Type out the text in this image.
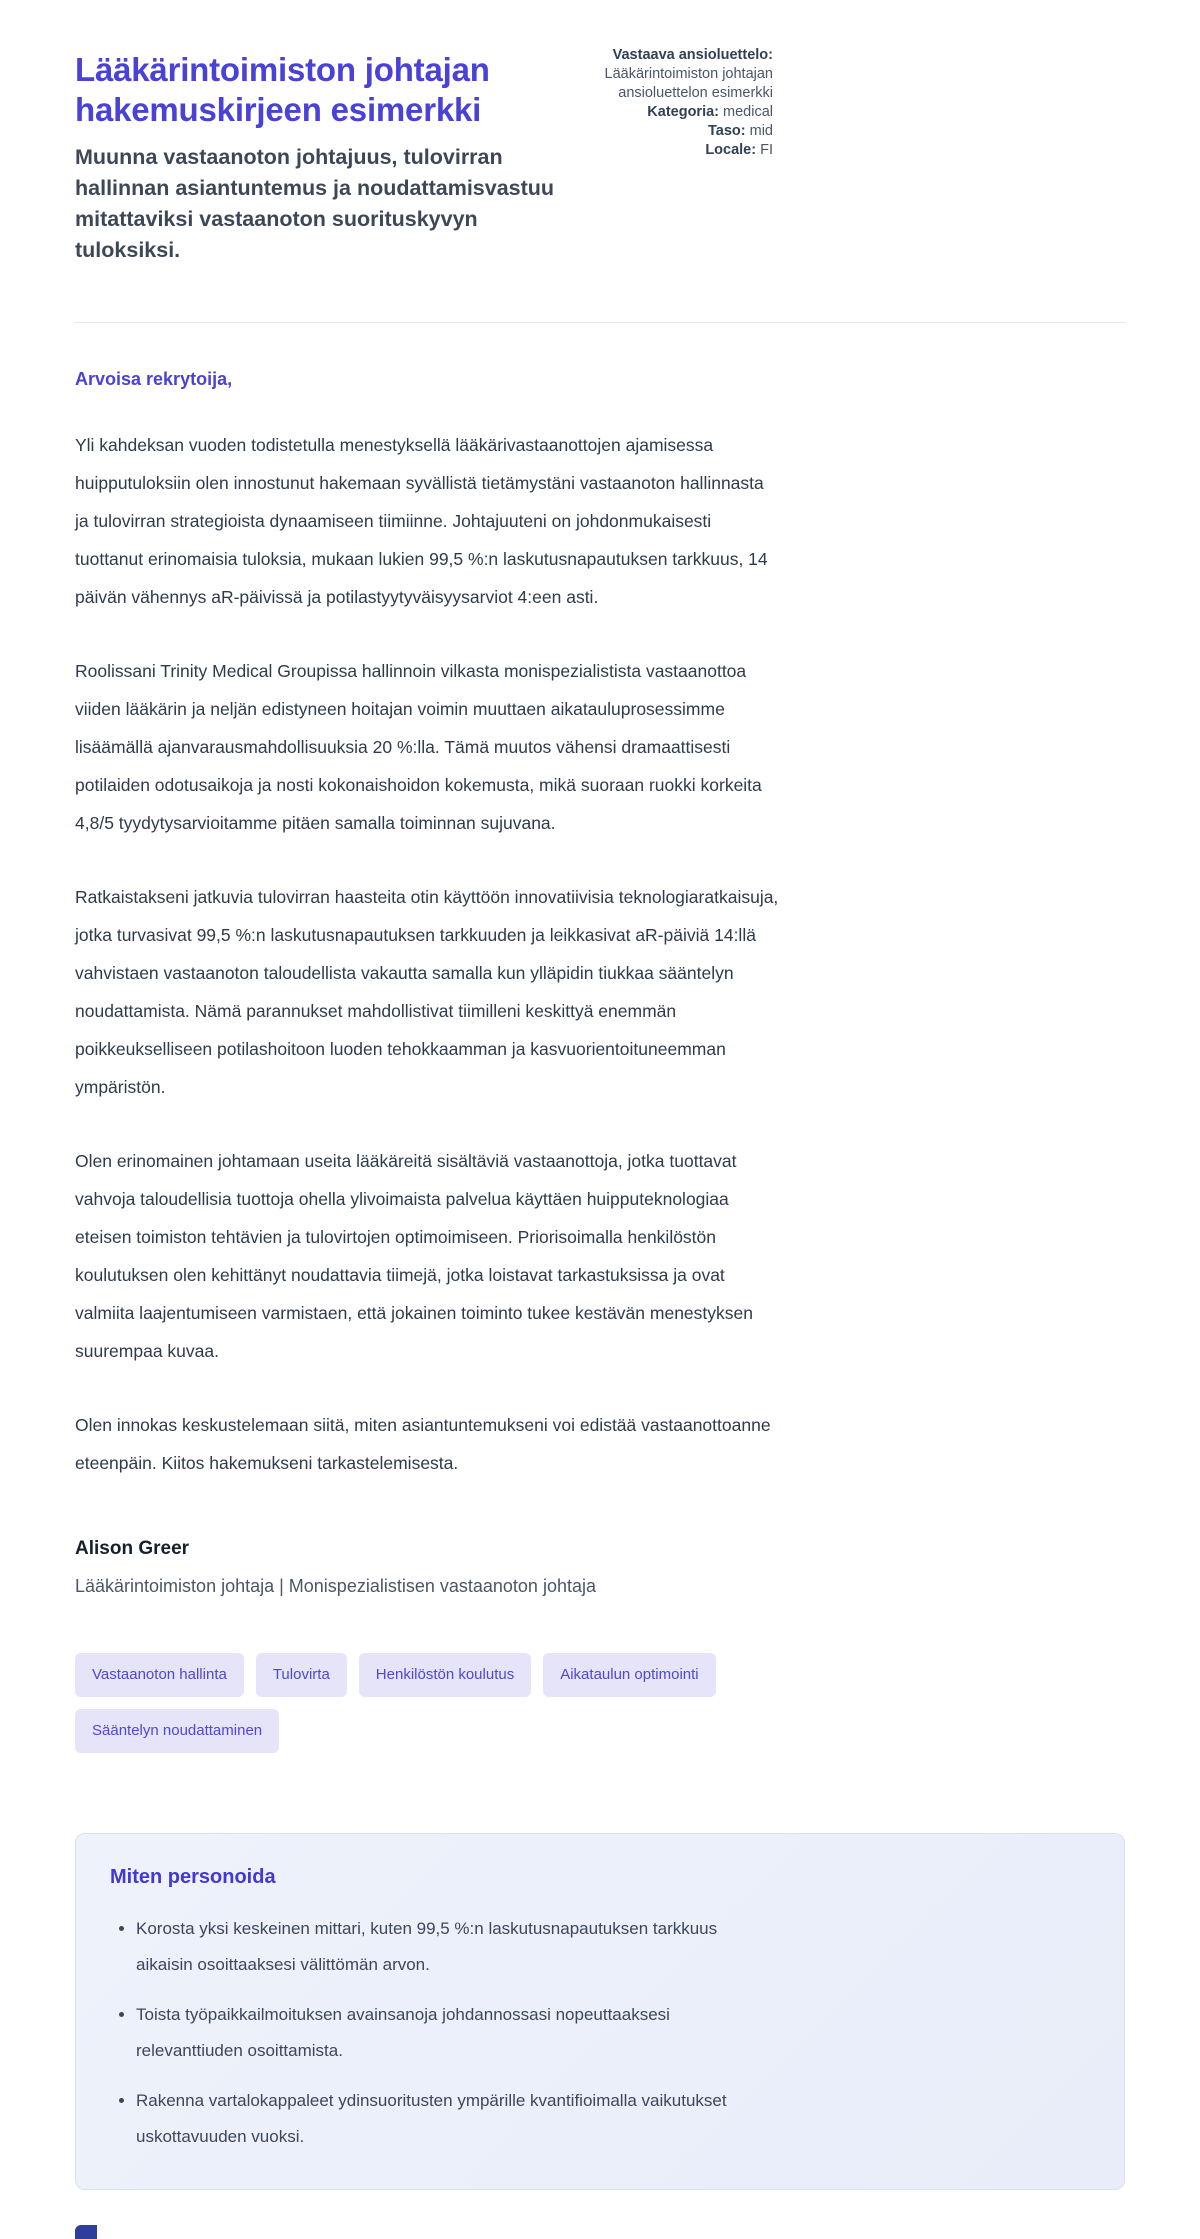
Lääkärintoimiston johtajan hakemuskirjeen esimerkki
Muunna vastaanoton johtajuus, tulovirran hallinnan asiantuntemus ja noudattamisvastuu mitattaviksi vastaanoton suorituskyvyn tuloksiksi.
Vastaava ansioluettelo:
Lääkärintoimiston johtajan ansioluettelon esimerkki
Kategoria: medical
Taso: mid
Locale: FI
Arvoisa rekrytoija,

Yli kahdeksan vuoden todistetulla menestyksellä lääkärivastaanottojen ajamisessa huipputuloksiin olen innostunut hakemaan syvällistä tietämystäni vastaanoton hallinnasta ja tulovirran strategioista dynaamiseen tiimiinne. Johtajuuteni on johdonmukaisesti tuottanut erinomaisia tuloksia, mukaan lukien 99,5 %:n laskutusnapautuksen tarkkuus, 14 päivän vähennys aR-päivissä ja potilastyytyväisyysarviot 4:een asti.

Roolissani Trinity Medical Groupissa hallinnoin vilkasta monispezialistista vastaanottoa viiden lääkärin ja neljän edistyneen hoitajan voimin muuttaen aikatauluprosessimme lisäämällä ajanvarausmahdollisuuksia 20 %:lla. Tämä muutos vähensi dramaattisesti potilaiden odotusaikoja ja nosti kokonaishoidon kokemusta, mikä suoraan ruokki korkeita 4,8/5 tyydytysarvioitamme pitäen samalla toiminnan sujuvana.

Ratkaistakseni jatkuvia tulovirran haasteita otin käyttöön innovatiivisia teknologiaratkaisuja, jotka turvasivat 99,5 %:n laskutusnapautuksen tarkkuuden ja leikkasivat aR-päiviä 14:llä vahvistaen vastaanoton taloudellista vakautta samalla kun ylläpidin tiukkaa sääntelyn noudattamista. Nämä parannukset mahdollistivat tiimilleni keskittyä enemmän poikkeukselliseen potilashoitoon luoden tehokkaamman ja kasvuorientoituneemman ympäristön.

Olen erinomainen johtamaan useita lääkäreitä sisältäviä vastaanottoja, jotka tuottavat vahvoja taloudellisia tuottoja ohella ylivoimaista palvelua käyttäen huipputeknologiaa eteisen toimiston tehtävien ja tulovirtojen optimoimiseen. Priorisoimalla henkilöstön koulutuksen olen kehittänyt noudattavia tiimejä, jotka loistavat tarkastuksissa ja ovat valmiita laajentumiseen varmistaen, että jokainen toiminto tukee kestävän menestyksen suurempaa kuvaa.

Olen innokas keskustelemaan siitä, miten asiantuntemukseni voi edistää vastaanottoanne eteenpäin. Kiitos hakemukseni tarkastelemisesta.

Alison Greer
Lääkärintoimiston johtaja | Monispezialistisen vastaanoton johtaja
Vastaanoton hallinta	Tulovirta	Henkilöstön koulutus	Aikataulun optimointi
Sääntelyn noudattaminen
Miten personoida
• Korosta yksi keskeinen mittari, kuten 99,5 %:n laskutusnapautuksen tarkkuus aikaisin osoittaaksesi välittömän arvon.
• Toista työpaikkailmoituksen avainsanoja johdannossasi nopeuttaaksesi relevanttiuden osoittamista.
• Rakenna vartalokappaleet ydinsuoritusten ympärille kvantifioimalla vaikutukset uskottavuuden vuoksi.
